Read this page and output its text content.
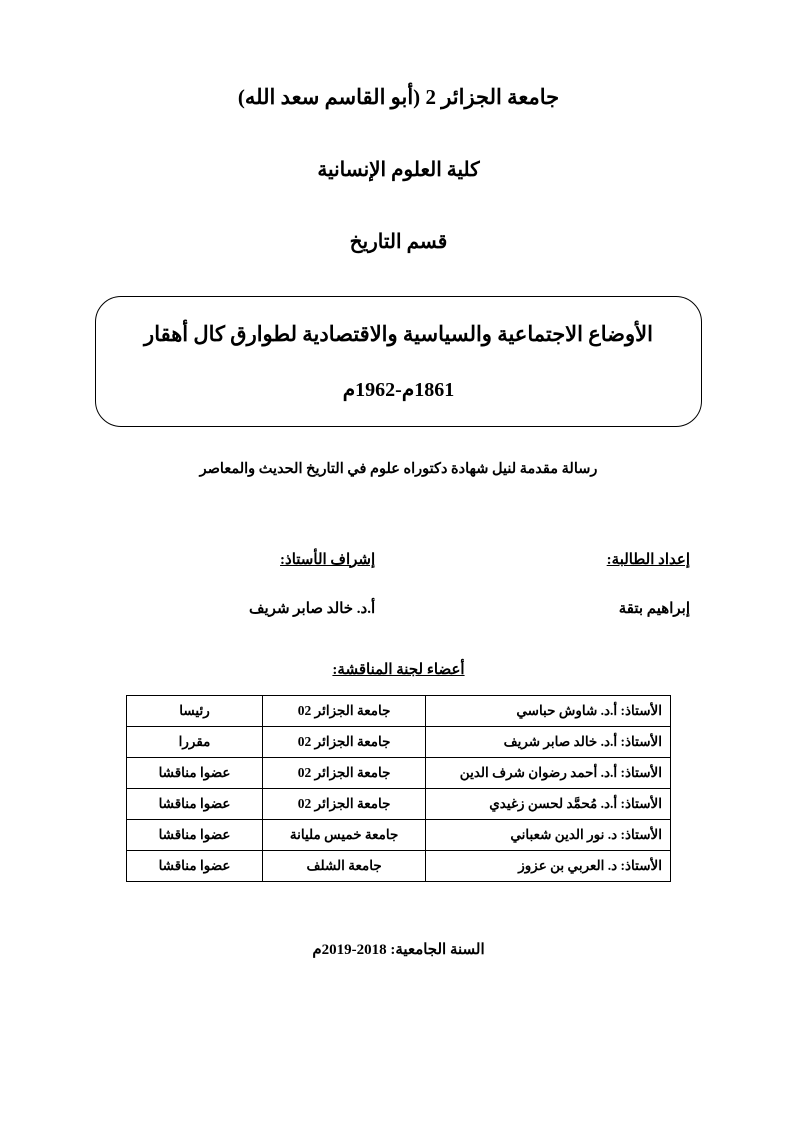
جامعة الجزائر 2 (أبو القاسم سعد الله)
كلية العلوم الإنسانية
قسم التاريخ
الأوضاع الاجتماعية والسياسية والاقتصادية لطوارق كال أهقار
1861م-1962م
رسالة مقدمة لنيل شهادة دكتوراه علوم في التاريخ الحديث والمعاصر
إعداد الطالبة:
إبراهيم بتقة
إشراف الأستاذ:
أ.د. خالد صابر شريف
أعضاء لجنة المناقشة:
الأستاذ: أ.د. شاوش حباسي	جامعة الجزائر 02	رئيسا
الأستاذ: أ.د. خالد صابر شريف	جامعة الجزائر 02	مقررا
الأستاذ: أ.د. أحمد رضوان شرف الدين	جامعة الجزائر 02	عضوا مناقشا
الأستاذ: أ.د. مُحمَّد لحسن زغيدي	جامعة الجزائر 02	عضوا مناقشا
الأستاذ: د. نور الدين شعباني	جامعة خميس مليانة	عضوا مناقشا
الأستاذ: د. العربي بن عزوز	جامعة الشلف	عضوا مناقشا
السنة الجامعية: 2018-2019م
